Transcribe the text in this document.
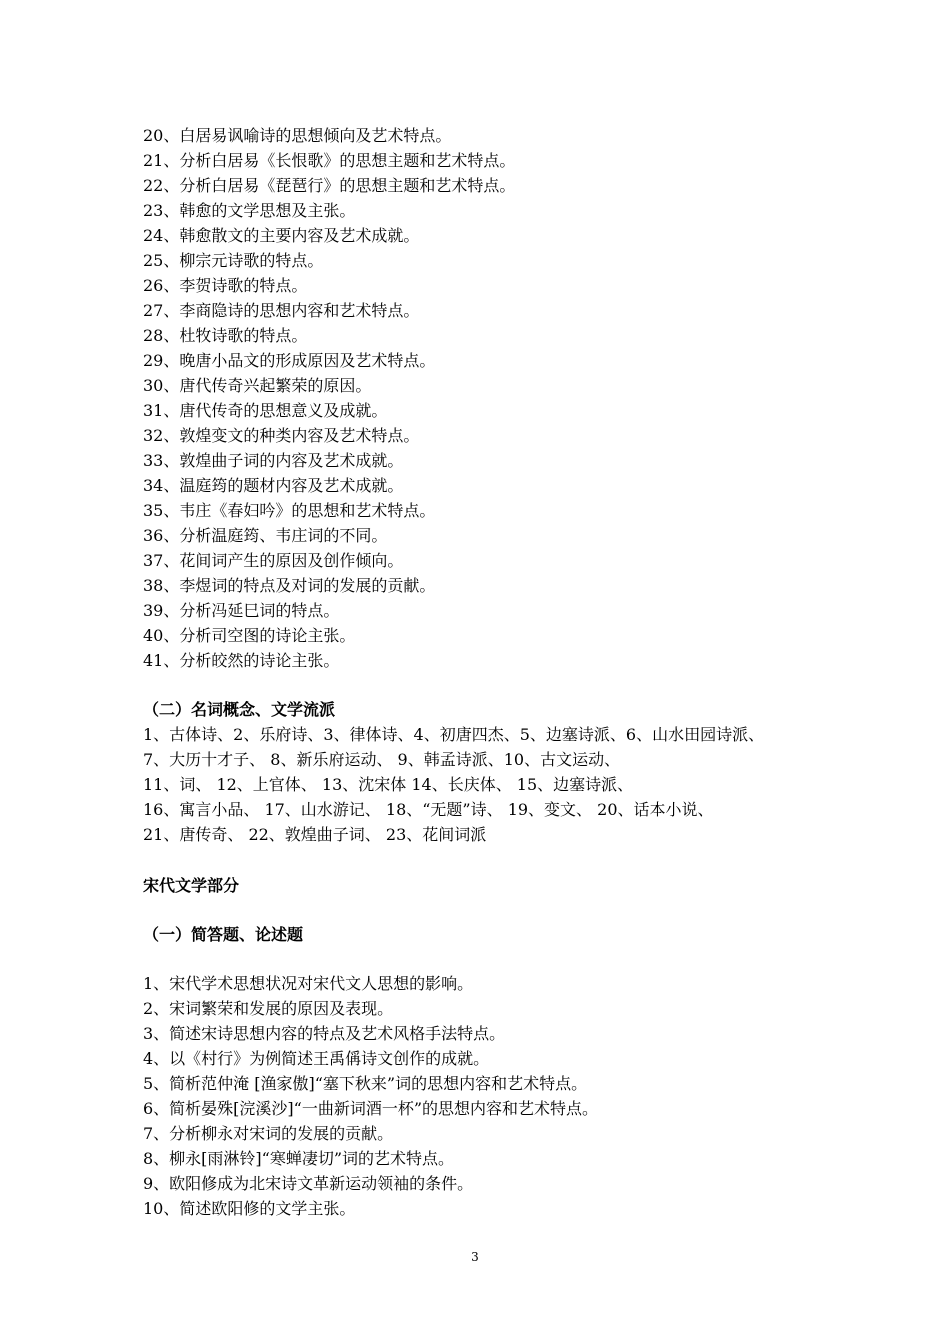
20、白居易讽喻诗的思想倾向及艺术特点。
21、分析白居易《长恨歌》的思想主题和艺术特点。
22、分析白居易《琵琶行》的思想主题和艺术特点。
23、韩愈的文学思想及主张。
24、韩愈散文的主要内容及艺术成就。
25、柳宗元诗歌的特点。
26、李贺诗歌的特点。
27、李商隐诗的思想内容和艺术特点。
28、杜牧诗歌的特点。
29、晚唐小品文的形成原因及艺术特点。
30、唐代传奇兴起繁荣的原因。
31、唐代传奇的思想意义及成就。
32、敦煌变文的种类内容及艺术特点。
33、敦煌曲子词的内容及艺术成就。
34、温庭筠的题材内容及艺术成就。
35、韦庄《春妇吟》的思想和艺术特点。
36、分析温庭筠、韦庄词的不同。
37、花间词产生的原因及创作倾向。
38、李煜词的特点及对词的发展的贡献。
39、分析冯延巳词的特点。
40、分析司空图的诗论主张。
41、分析皎然的诗论主张。
（二）名词概念、文学流派
1、古体诗、2、乐府诗、3、律体诗、4、初唐四杰、5、边塞诗派、6、山水田园诗派、
7、大历十才子、 8、新乐府运动、 9、韩孟诗派、10、古文运动、
11、词、 12、上官体、 13、沈宋体 14、长庆体、 15、边塞诗派、
16、寓言小品、 17、山水游记、 18、“无题”诗、 19、变文、 20、话本小说、
21、唐传奇、 22、敦煌曲子词、 23、花间词派
宋代文学部分
（一）简答题、论述题
1、宋代学术思想状况对宋代文人思想的影响。
2、宋词繁荣和发展的原因及表现。
3、简述宋诗思想内容的特点及艺术风格手法特点。
4、以《村行》为例简述王禹偁诗文创作的成就。
5、简析范仲淹 [渔家傲]“塞下秋来”词的思想内容和艺术特点。
6、简析晏殊[浣溪沙]“一曲新词酒一杯”的思想内容和艺术特点。
7、分析柳永对宋词的发展的贡献。
8、柳永[雨淋铃]“寒蝉凄切”词的艺术特点。
9、欧阳修成为北宋诗文革新运动领袖的条件。
10、简述欧阳修的文学主张。
3
